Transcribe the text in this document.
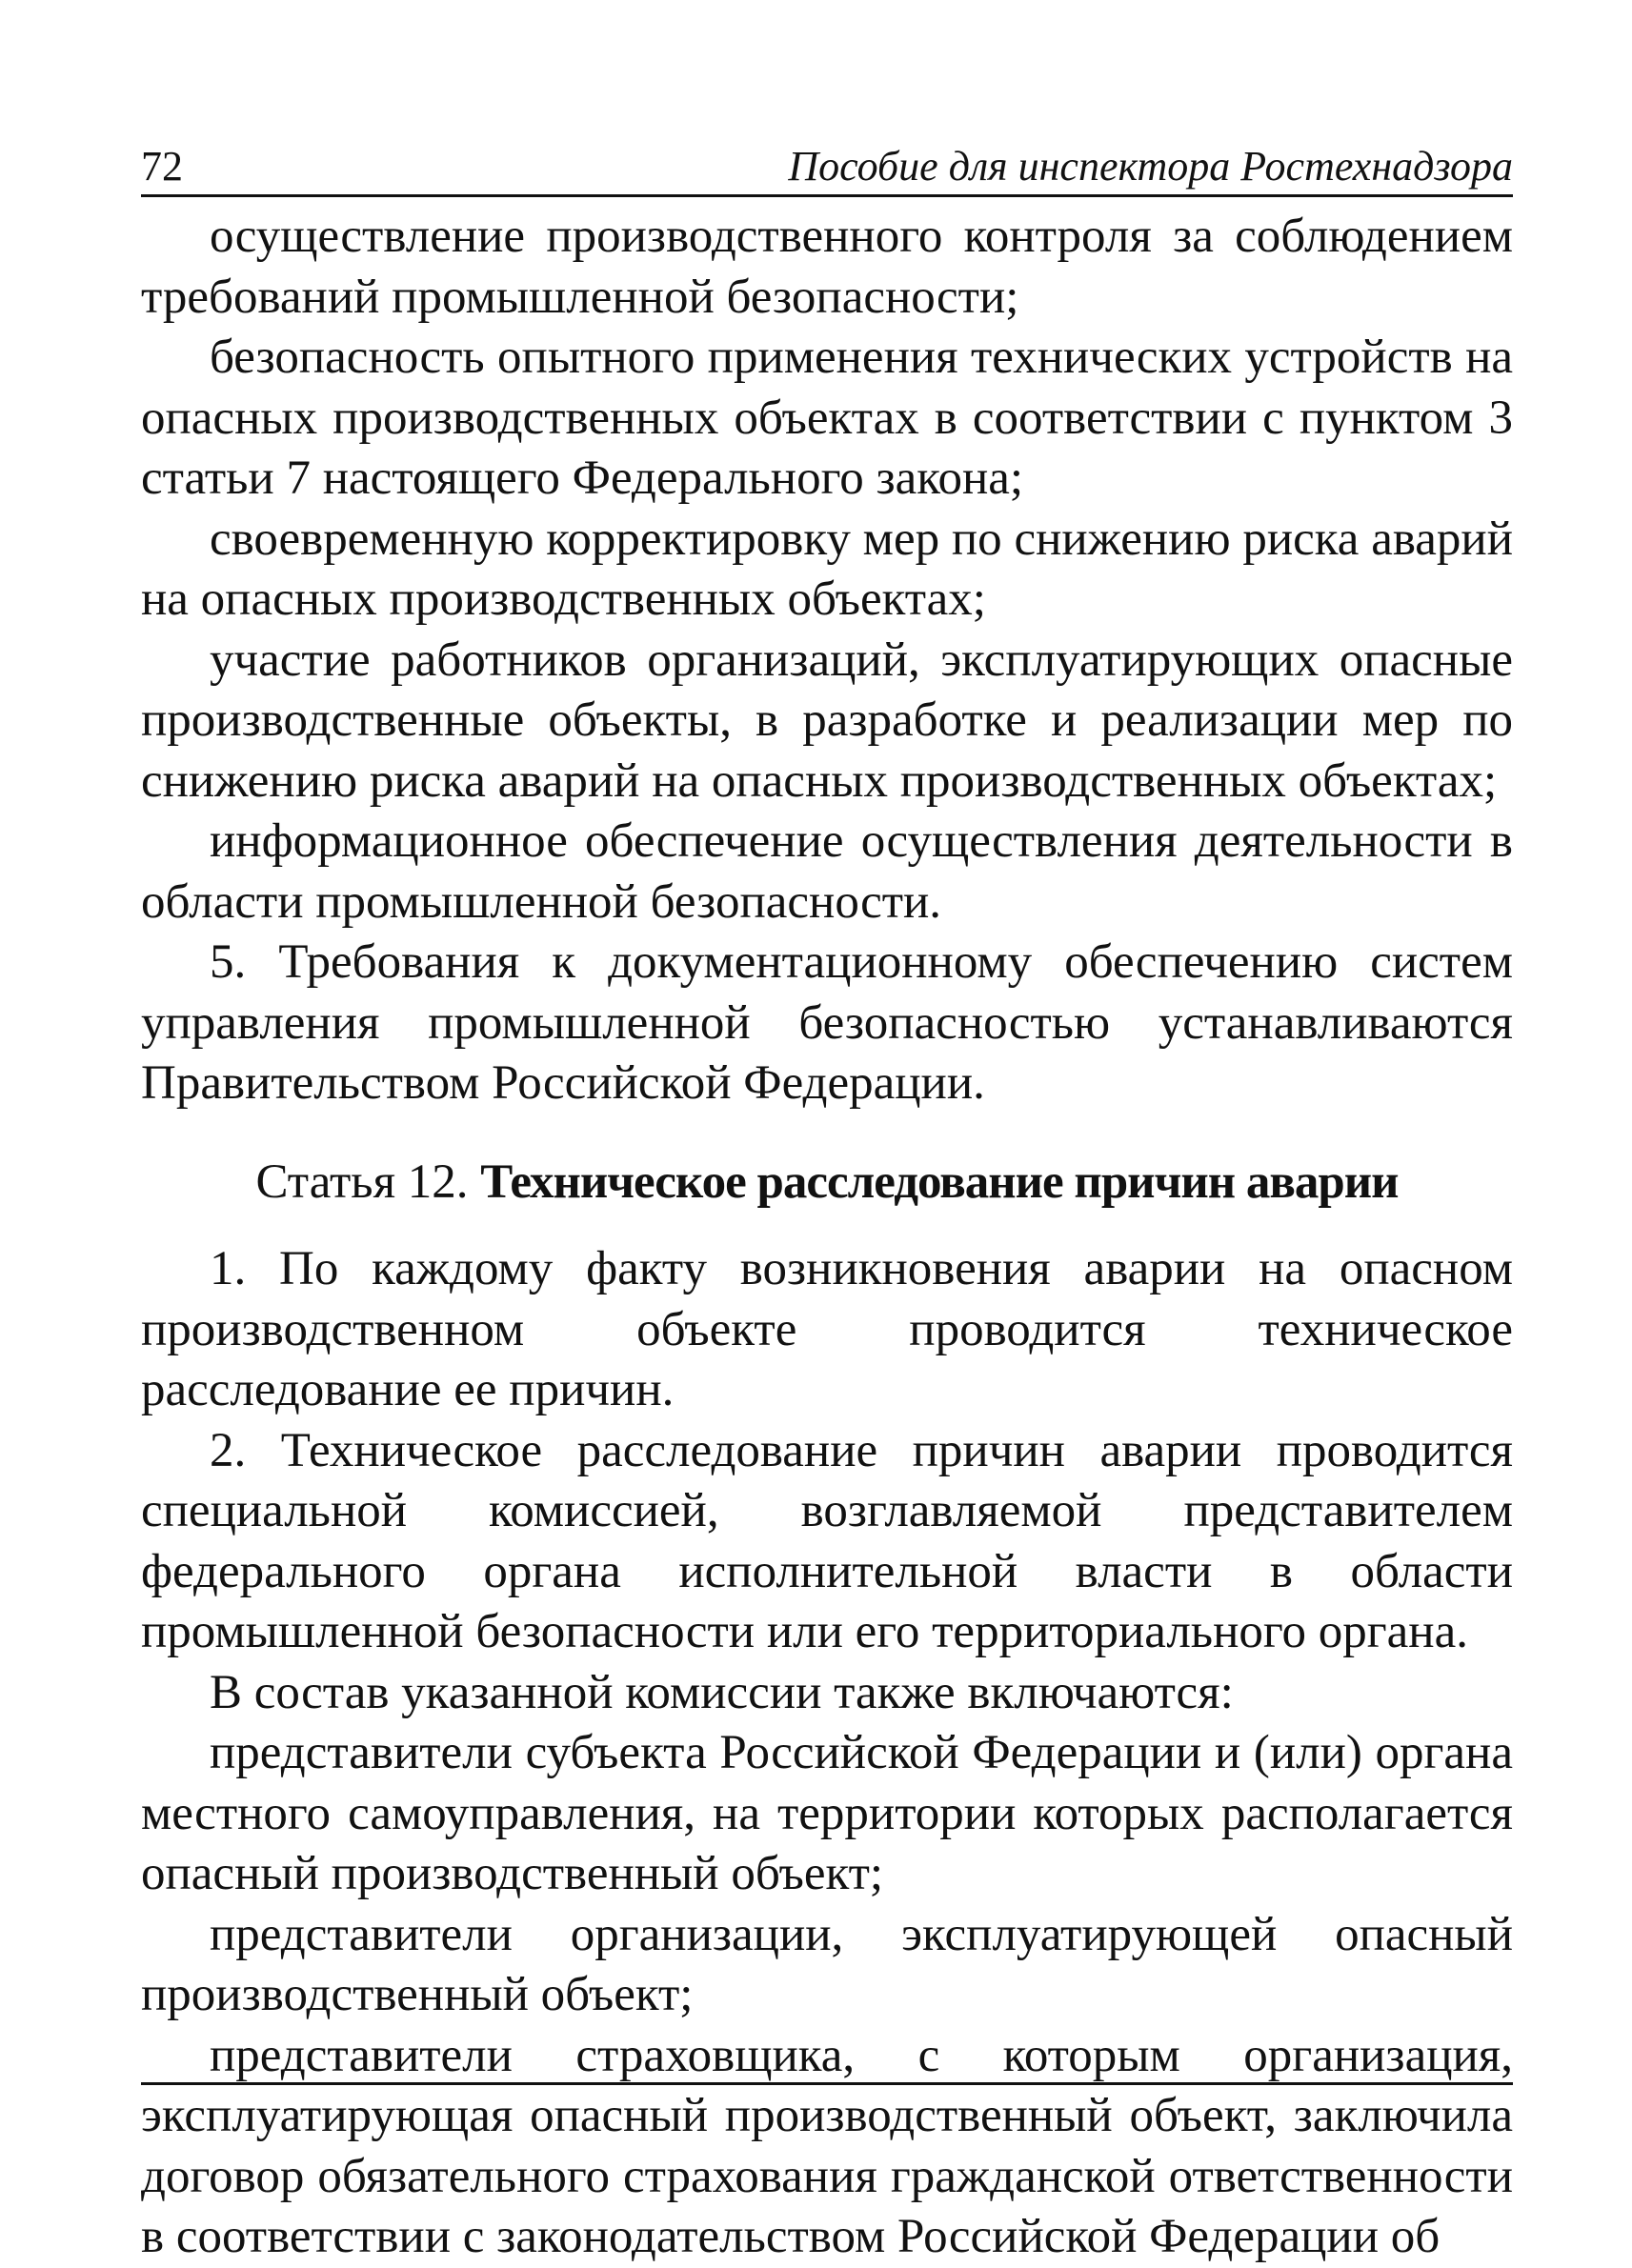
72	Пособие для инспектора Ростехнадзора

осуществление производственного контроля за соблюдением требований промышленной безопасности;

безопасность опытного применения технических устройств на опасных производственных объектах в соответствии с пунктом 3 статьи 7 настоящего Федерального закона;

своевременную корректировку мер по снижению риска аварий на опасных производственных объектах;

участие работников организаций, эксплуатирующих опасные производственные объекты, в разработке и реализации мер по снижению риска аварий на опасных производственных объектах;

информационное обеспечение осуществления деятельности в области промышленной безопасности.

5. Требования к документационному обеспечению систем управления промышленной безопасностью устанавливаются Правительством Российской Федерации.

Статья 12. Техническое расследование причин аварии

1. По каждому факту возникновения аварии на опасном производственном объекте проводится техническое расследование ее причин.

2. Техническое расследование причин аварии проводится специальной комиссией, возглавляемой представителем федерального органа исполнительной власти в области промышленной безопасности или его территориального органа.

В состав указанной комиссии также включаются:

представители субъекта Российской Федерации и (или) органа местного самоуправления, на территории которых располагается опасный производственный объект;

представители организации, эксплуатирующей опасный производственный объект;

представители страховщика, с которым организация, эксплуатирующая опасный производственный объект, заключила договор обязательного страхования гражданской ответственности в соответствии с законодательством Российской Федерации об
